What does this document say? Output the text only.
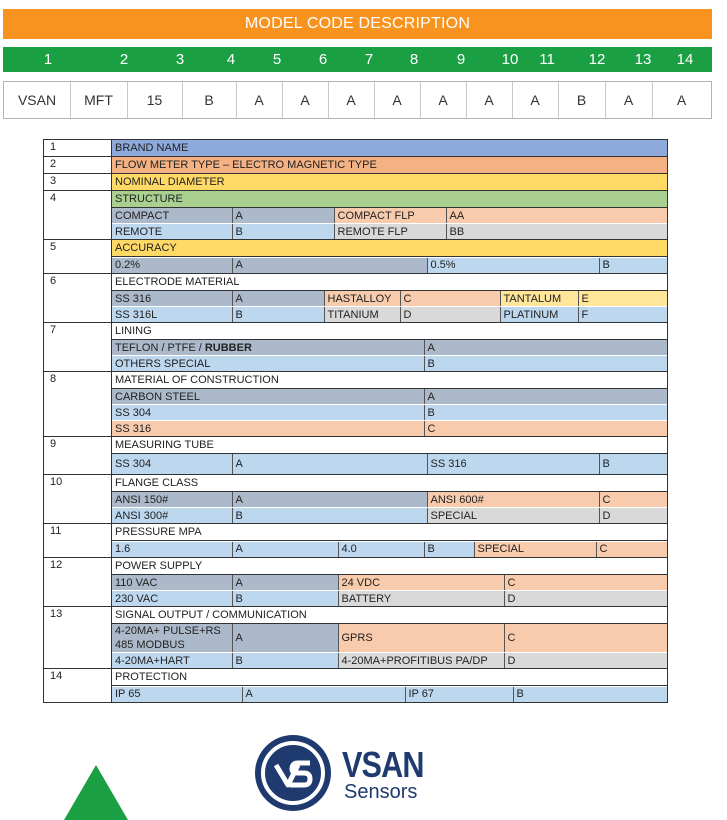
MODEL CODE DESCRIPTION
1	2	3	4	5	6	7 8	9 10 11 12 13 14
VSAN	MFT	15	B	A	A	A	A	A	A	A	B	A	A
1	BRAND NAME
2	FLOW METER TYPE – ELECTRO MAGNETIC TYPE
3	NOMINAL DIAMETER
4	STRUCTURE

COMPACT	A	COMPACT FLP	AA
REMOTE	B	REMOTE FLP	BB

5	ACCURACY

0.2%	A	0.5%	B

6	ELECTRODE MATERIAL

SS 316	A	HASTALLOY	C	TANTALUM	E
SS 316L	B	TITANIUM	D	PLATINUM	F

7	LINING

TEFLON / PTFE / RUBBER	A
OTHERS SPECIAL	B

8	MATERIAL OF CONSTRUCTION

CARBON STEEL	A
SS 304	B
SS 316	C

9	MEASURING TUBE

SS 304	A	SS 316	B

10	FLANGE CLASS

ANSI 150#	A	ANSI 600#	C
ANSI 300#	B	SPECIAL	D

11	PRESSURE MPA

1.6	A	4.0	B	SPECIAL	C

12	POWER SUPPLY

110 VAC	A	24 VDC	C
230 VAC	B	BATTERY	D

13	SIGNAL OUTPUT / COMMUNICATION

4-20MA+ PULSE+RS
485 MODBUS	A	GPRS	C
4-20MA+HART	B	4-20MA+PROFITIBUS PA/DP	D

14	PROTECTION

IP 65	A	IP 67	B
VSAN
Sensors
